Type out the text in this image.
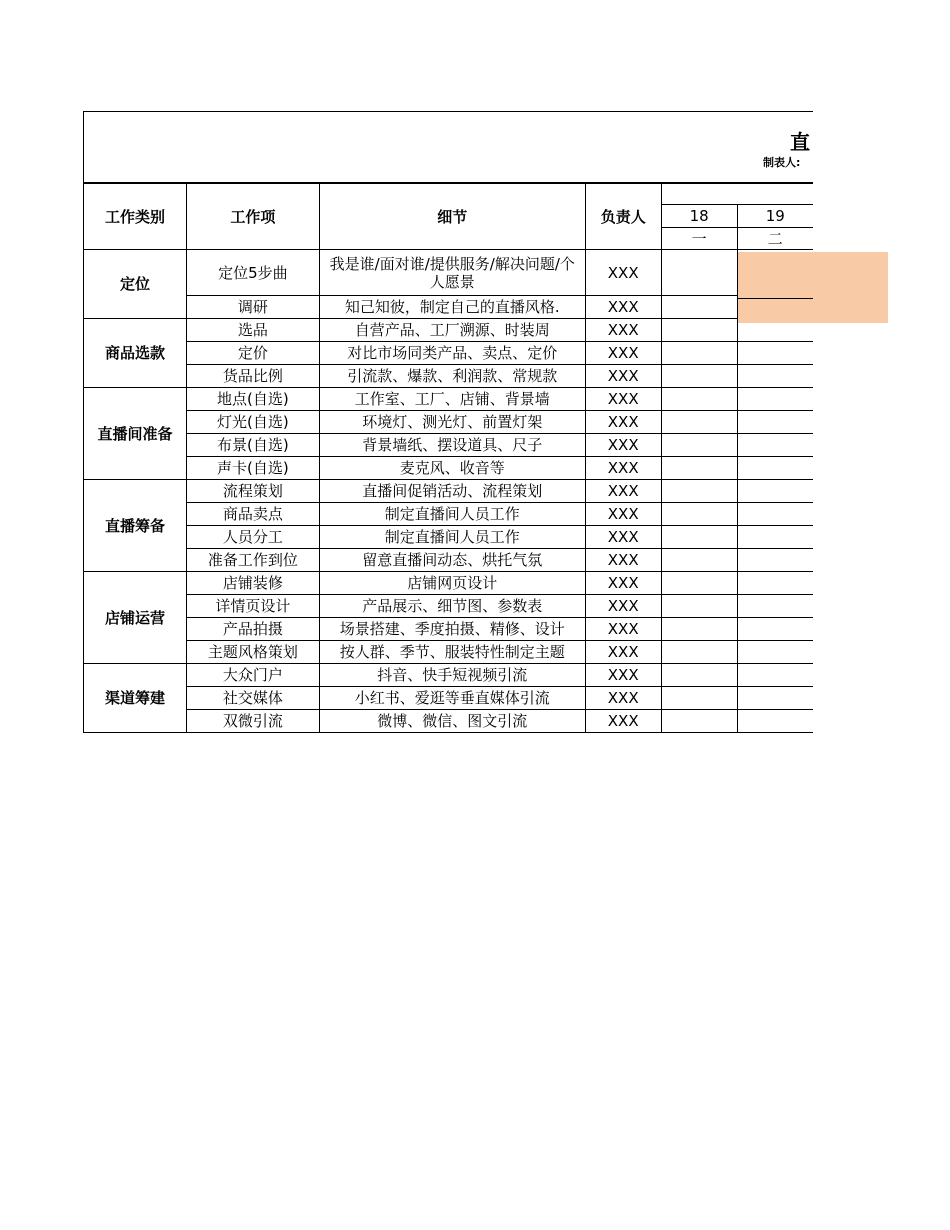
直
制表人:
工作类别	工作项	细节	负责人		
				18	19
				一	二
定位	定位5步曲	我是谁/面对谁/提供服务/解决问题/个人愿景	XXX		
	调研	知己知彼，制定自己的直播风格.	XXX		
商品选款	选品	自营产品、工厂溯源、时装周	XXX		
	定价	对比市场同类产品、卖点、定价	XXX		
	货品比例	引流款、爆款、利润款、常规款	XXX		
直播间准备	地点(自选)	工作室、工厂、店铺、背景墙	XXX		
	灯光(自选)	环境灯、测光灯、前置灯架	XXX		
	布景(自选)	背景墙纸、摆设道具、尺子	XXX		
	声卡(自选)	麦克风、收音等	XXX		
直播筹备	流程策划	直播间促销活动、流程策划	XXX		
	商品卖点	制定直播间人员工作	XXX		
	人员分工	制定直播间人员工作	XXX		
	准备工作到位	留意直播间动态、烘托气氛	XXX		
店铺运营	店铺装修	店铺网页设计	XXX		
	详情页设计	产品展示、细节图、参数表	XXX		
	产品拍摄	场景搭建、季度拍摄、精修、设计	XXX		
	主题风格策划	按人群、季节、服装特性制定主题	XXX		
渠道筹建	大众门户	抖音、快手短视频引流	XXX		
	社交媒体	小红书、爱逛等垂直媒体引流	XXX		
	双微引流	微博、微信、图文引流	XXX		
